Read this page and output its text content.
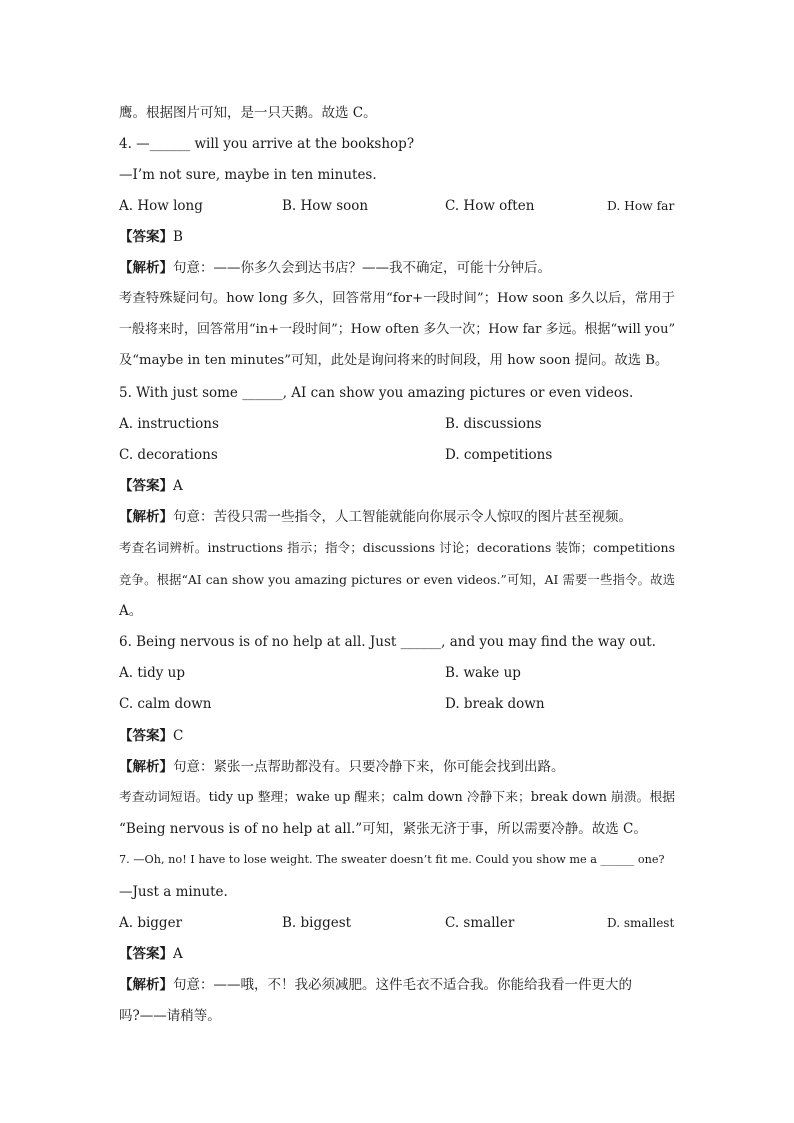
鹰。根据图片可知，是一只天鹅。故选 C。
4. —______ will you arrive at the bookshop?
—I’m not sure, maybe in ten minutes.
A. How long	B. How soon	C. How often	D. How far
【答案】B
【解析】句意：——你多久会到达书店？——我不确定，可能十分钟后。
考查特殊疑问句。how long 多久，回答常用“for+一段时间”；How soon 多久以后，常用于
一般将来时，回答常用“in+一段时间”；How often 多久一次；How far 多远。根据“will you”
及“maybe in ten minutes”可知，此处是询问将来的时间段，用 how soon 提问。故选 B。
5. With just some ______, AI can show you amazing pictures or even videos.
A. instructions	B. discussions
C. decorations	D. competitions
【答案】A
【解析】句意：苦役只需一些指令，人工智能就能向你展示令人惊叹的图片甚至视频。
考查名词辨析。instructions 指示；指令；discussions 讨论；decorations 装饰；competitions
竞争。根据“AI can show you amazing pictures or even videos.”可知，AI 需要一些指令。故选
A。
6. Being nervous is of no help at all. Just ______, and you may find the way out.
A. tidy up	B. wake up
C. calm down	D. break down
【答案】C
【解析】句意：紧张一点帮助都没有。只要冷静下来，你可能会找到出路。
考查动词短语。tidy up 整理；wake up 醒来；calm down 冷静下来；break down 崩溃。根据
“Being nervous is of no help at all.”可知，紧张无济于事，所以需要冷静。故选 C。
7. —Oh, no! I have to lose weight. The sweater doesn’t fit me. Could you show me a ______ one?
—Just a minute.
A. bigger	B. biggest	C. smaller	D. smallest
【答案】A
【解析】句意：——哦，不！我必须减肥。这件毛衣不适合我。你能给我看一件更大的
吗?——请稍等。
